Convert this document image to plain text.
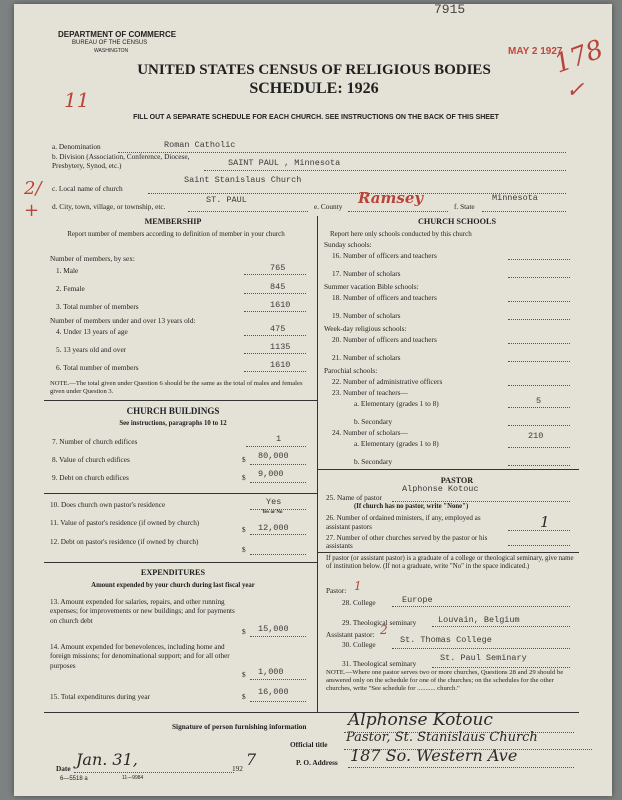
7915
DEPARTMENT OF COMMERCE
BUREAU OF THE CENSUS
WASHINGTON	MAY 2 1927
178
✓
11
UNITED STATES CENSUS OF RELIGIOUS BODIES
SCHEDULE: 1926
FILL OUT A SEPARATE SCHEDULE FOR EACH CHURCH. SEE INSTRUCTIONS ON THE BACK OF THIS SHEET
a. Denomination	Roman Catholic
b. Division (Association, Conference, Diocese, Presbytery, Synod, etc.)	SAINT PAUL , Minnesota
c. Local name of church
Saint Stanislaus Church
2/ +	d. City, town, village, or township, etc.
ST. PAUL
e. County Ramsey	f. State
Minnesota
MEMBERSHIP
Report number of members according to definition of member in your church
Number of members, by sex:
1. Male	765
2. Female	845
3. Total number of members	1610
Number of members under and over 13 years old:
4. Under 13 years of age	475
5. 13 years old and over	1135
6. Total number of members	1610
NOTE.—The total given under Question 6 should be the same as the total of males and females given under Question 3.
CHURCH BUILDINGS
See instructions, paragraphs 10 to 12
7. Number of church edifices	1
8. Value of church edifices	$ 80,000
9. Debt on church edifices	$ 9,000
10. Does church own pastor's residence	Yes
Yes or No
11. Value of pastor's residence (if owned by church)
$ 12,000
12. Debt on pastor's residence (if owned by church)
$
EXPENDITURES
Amount expended by your church during last fiscal year
13. Amount expended for salaries, repairs, and other running expenses; for improvements or new buildings; and for payments on church debt
$ 15,000
14. Amount expended for benevolences, including home and foreign missions; for denominational support; and for all other purposes
$ 1,000
15. Total expenditures during year	$ 16,000
CHURCH SCHOOLS
Report here only schools conducted by this church
Sunday schools:
16. Number of officers and teachers
17. Number of scholars
Summer vacation Bible schools:
18. Number of officers and teachers
19. Number of scholars
Week-day religious schools:
20. Number of officers and teachers
21. Number of scholars
Parochial schools:
22. Number of administrative officers
23. Number of teachers—
a. Elementary (grades 1 to 8)	5
b. Secondary
24. Number of scholars—
a. Elementary (grades 1 to 8)
210
b. Secondary
PASTOR
25. Name of pastor
Alphonse Kotouc
(If church has no pastor, write "None")
26. Number of ordained ministers, if any, employed as assistant pastors	1
27. Number of other churches served by the pastor or his assistants
If pastor (or assistant pastor) is a graduate of a college or theological seminary, give name of institution below. (If not a graduate, write "No" in the space indicated.)
Pastor: 1
28. College	Europe
29. Theological seminary	Louvain, Belgium
Assistant pastor: 2
30. College	St. Thomas College
31. Theological seminary
St. Paul Seminary
NOTE.—Where one pastor serves two or more churches, Questions 28 and 29 should be answered only on the schedule for one of the churches; on the schedules for the other churches, write "See schedule for ........... church."
Signature of person furnishing information Alphonse Kotouc
Official title Pastor, St. Stanislaus Church
Date Jan. 31,	192 7	P. O. Address 187 So. Western Ave
6—5518 a	11—9984
